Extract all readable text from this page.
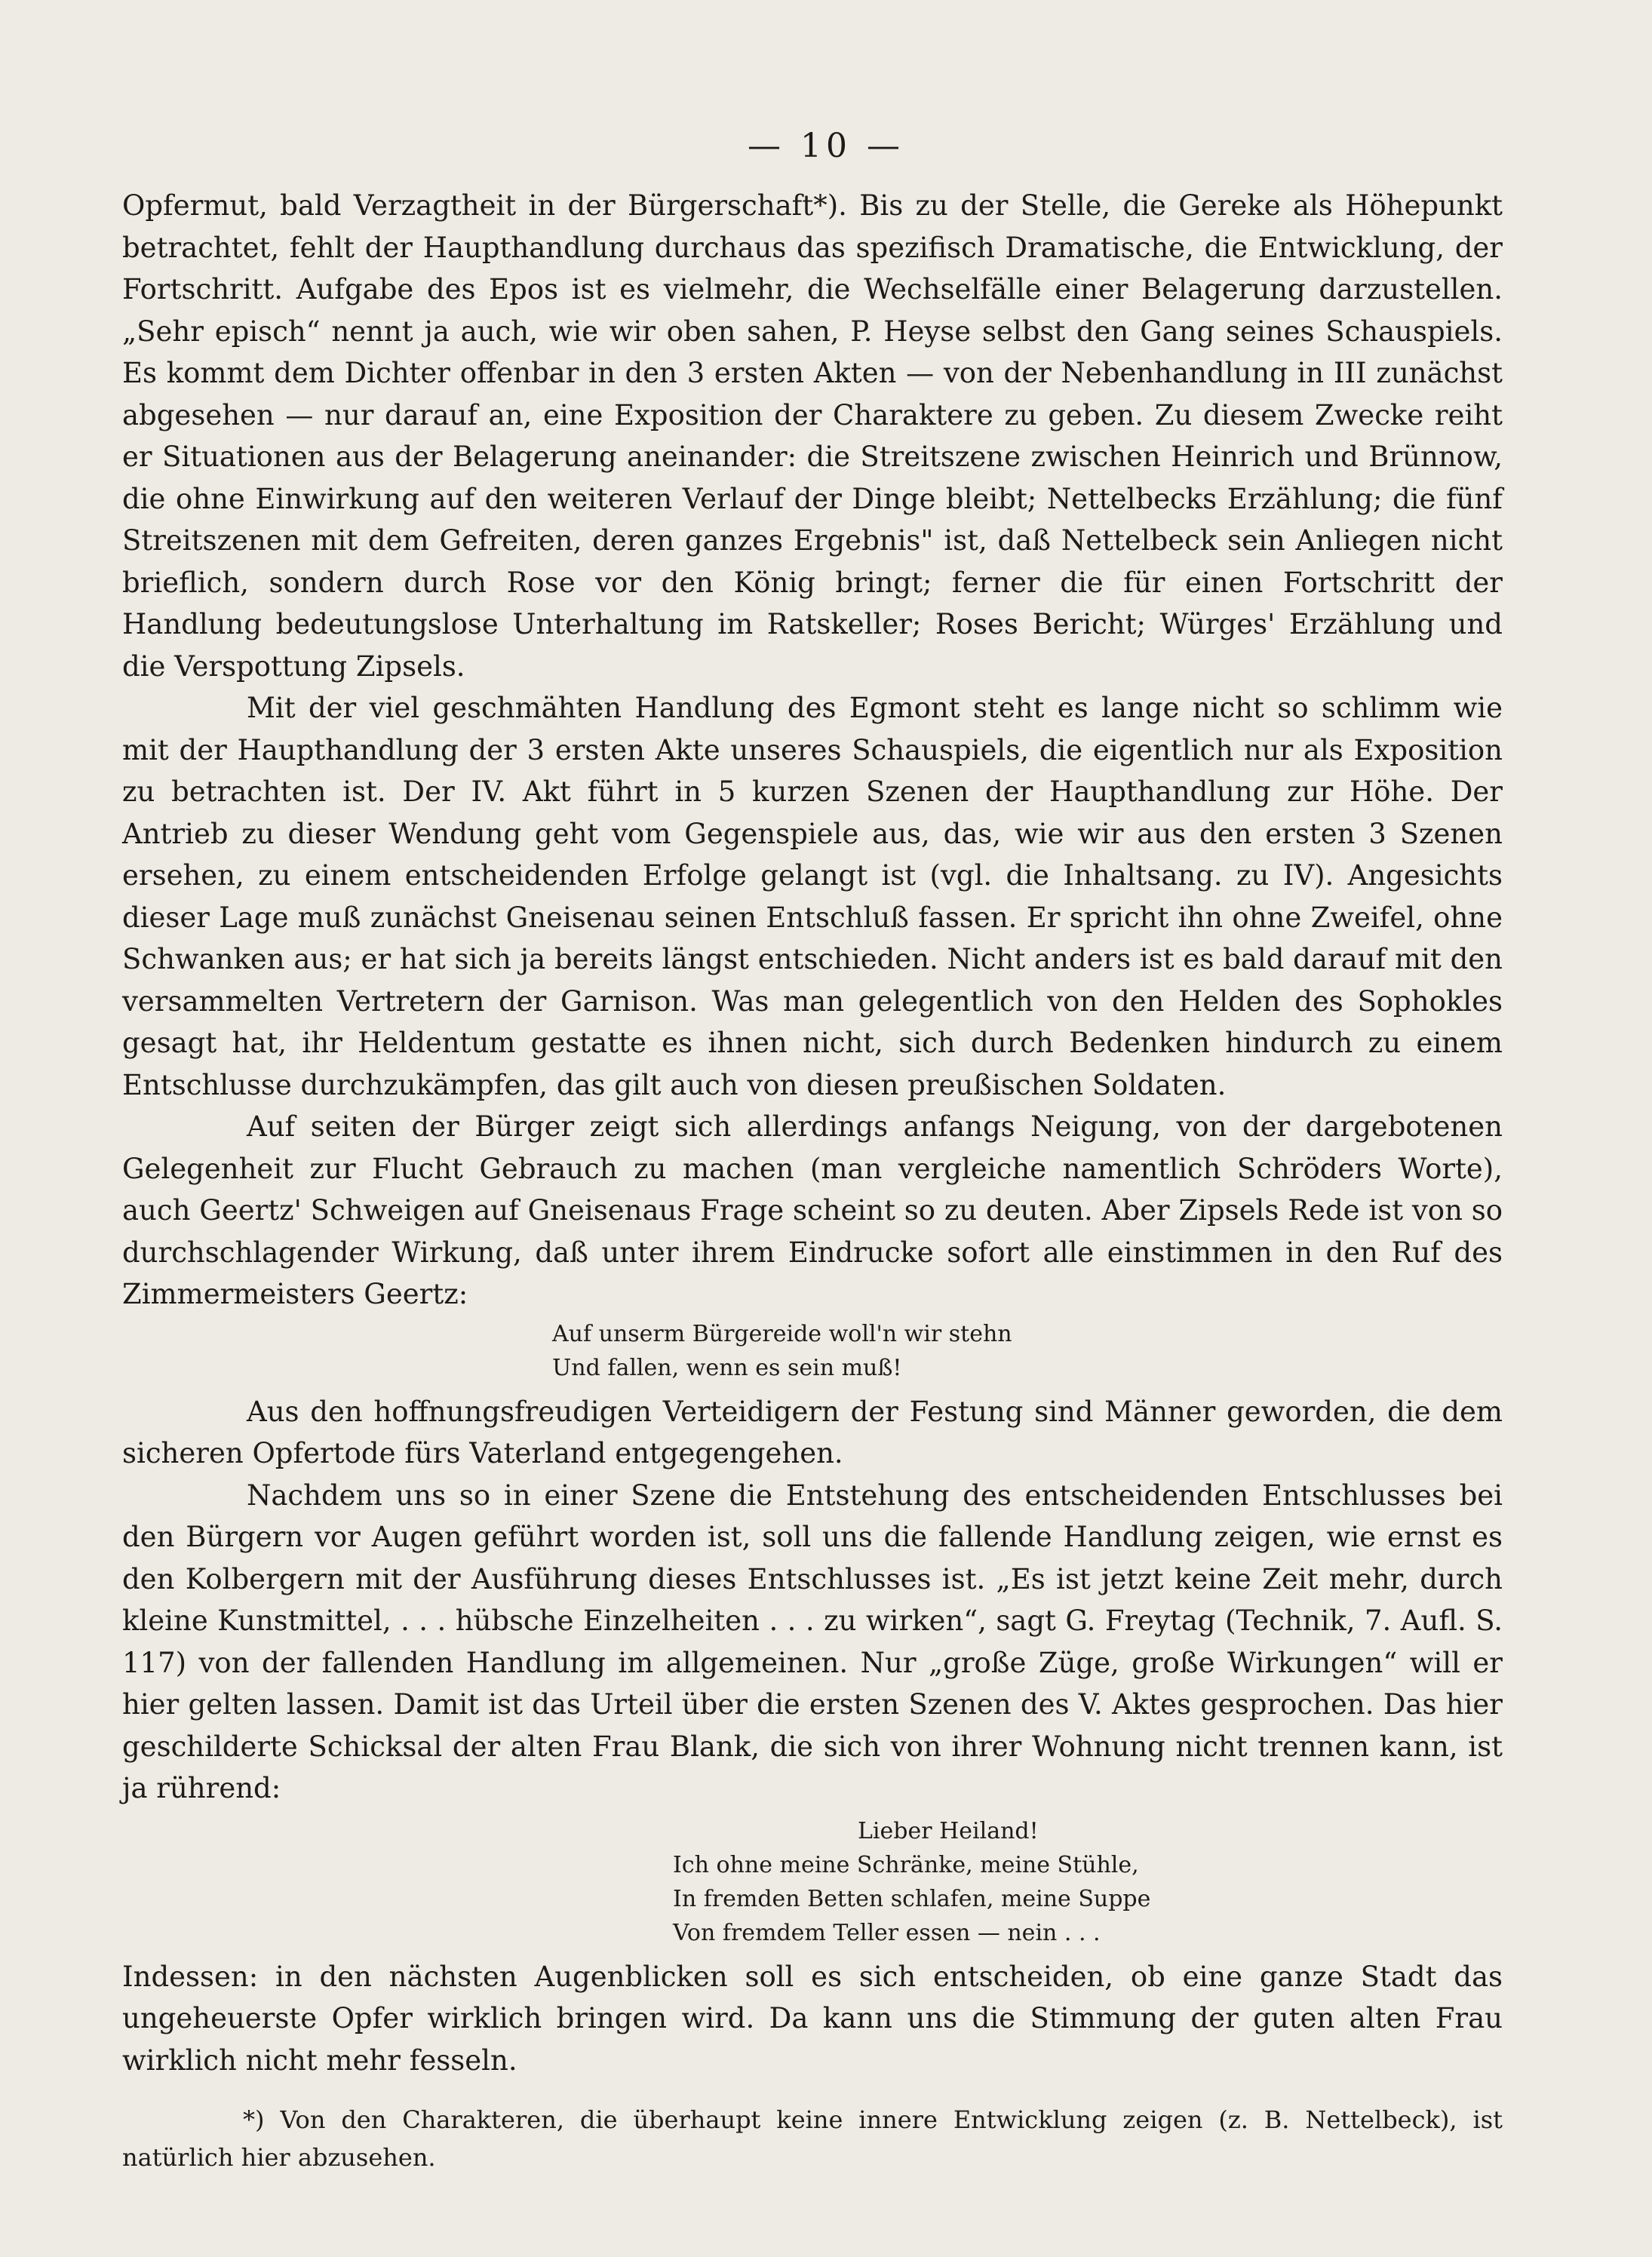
— 10 —

Opfermut, bald Verzagtheit in der Bürgerschaft*). Bis zu der Stelle, die Gereke als Höhepunkt betrachtet, fehlt der Haupthandlung durchaus das spezifisch Dramatische, die Entwicklung, der Fortschritt. Aufgabe des Epos ist es vielmehr, die Wechselfälle einer Belagerung darzustellen. „Sehr episch“ nennt ja auch, wie wir oben sahen, P. Heyse selbst den Gang seines Schauspiels. Es kommt dem Dichter offenbar in den 3 ersten Akten — von der Nebenhandlung in III zunächst abgesehen — nur darauf an, eine Exposition der Charaktere zu geben. Zu diesem Zwecke reiht er Situationen aus der Belagerung aneinander: die Streitszene zwischen Heinrich und Brünnow, die ohne Einwirkung auf den weiteren Verlauf der Dinge bleibt; Nettelbecks Erzählung; die fünf Streitszenen mit dem Gefreiten, deren ganzes Ergebnis" ist, daß Nettelbeck sein Anliegen nicht brieflich, sondern durch Rose vor den König bringt; ferner die für einen Fortschritt der Handlung bedeutungslose Unterhaltung im Ratskeller; Roses Bericht; Würges' Erzählung und die Verspottung Zipsels.

Mit der viel geschmähten Handlung des Egmont steht es lange nicht so schlimm wie mit der Haupthandlung der 3 ersten Akte unseres Schauspiels, die eigentlich nur als Exposition zu betrachten ist. Der IV. Akt führt in 5 kurzen Szenen der Haupthandlung zur Höhe. Der Antrieb zu dieser Wendung geht vom Gegenspiele aus, das, wie wir aus den ersten 3 Szenen ersehen, zu einem entscheidenden Erfolge gelangt ist (vgl. die Inhaltsang. zu IV). Angesichts dieser Lage muß zunächst Gneisenau seinen Entschluß fassen. Er spricht ihn ohne Zweifel, ohne Schwanken aus; er hat sich ja bereits längst entschieden. Nicht anders ist es bald darauf mit den versammelten Vertretern der Garnison. Was man gelegentlich von den Helden des Sophokles gesagt hat, ihr Heldentum gestatte es ihnen nicht, sich durch Bedenken hindurch zu einem Entschlusse durchzukämpfen, das gilt auch von diesen preußischen Soldaten.

Auf seiten der Bürger zeigt sich allerdings anfangs Neigung, von der dargebotenen Gelegenheit zur Flucht Gebrauch zu machen (man vergleiche namentlich Schröders Worte), auch Geertz' Schweigen auf Gneisenaus Frage scheint so zu deuten. Aber Zipsels Rede ist von so durchschlagender Wirkung, daß unter ihrem Eindrucke sofort alle einstimmen in den Ruf des Zimmermeisters Geertz:

Auf unserm Bürgereide woll'n wir stehn
Und fallen, wenn es sein muß!

Aus den hoffnungsfreudigen Verteidigern der Festung sind Männer geworden, die dem sicheren Opfertode fürs Vaterland entgegengehen.

Nachdem uns so in einer Szene die Entstehung des entscheidenden Entschlusses bei den Bürgern vor Augen geführt worden ist, soll uns die fallende Handlung zeigen, wie ernst es den Kolbergern mit der Ausführung dieses Entschlusses ist. „Es ist jetzt keine Zeit mehr, durch kleine Kunstmittel, . . . hübsche Einzelheiten . . . zu wirken“, sagt G. Freytag (Technik, 7. Aufl. S. 117) von der fallenden Handlung im allgemeinen. Nur „große Züge, große Wirkungen“ will er hier gelten lassen. Damit ist das Urteil über die ersten Szenen des V. Aktes gesprochen. Das hier geschilderte Schicksal der alten Frau Blank, die sich von ihrer Wohnung nicht trennen kann, ist ja rührend:

Lieber Heiland!
Ich ohne meine Schränke, meine Stühle,
In fremden Betten schlafen, meine Suppe
Von fremdem Teller essen — nein . . .

Indessen: in den nächsten Augenblicken soll es sich entscheiden, ob eine ganze Stadt das ungeheuerste Opfer wirklich bringen wird. Da kann uns die Stimmung der guten alten Frau wirklich nicht mehr fesseln.

*) Von den Charakteren, die überhaupt keine innere Entwicklung zeigen (z. B. Nettelbeck), ist natürlich hier abzusehen.
